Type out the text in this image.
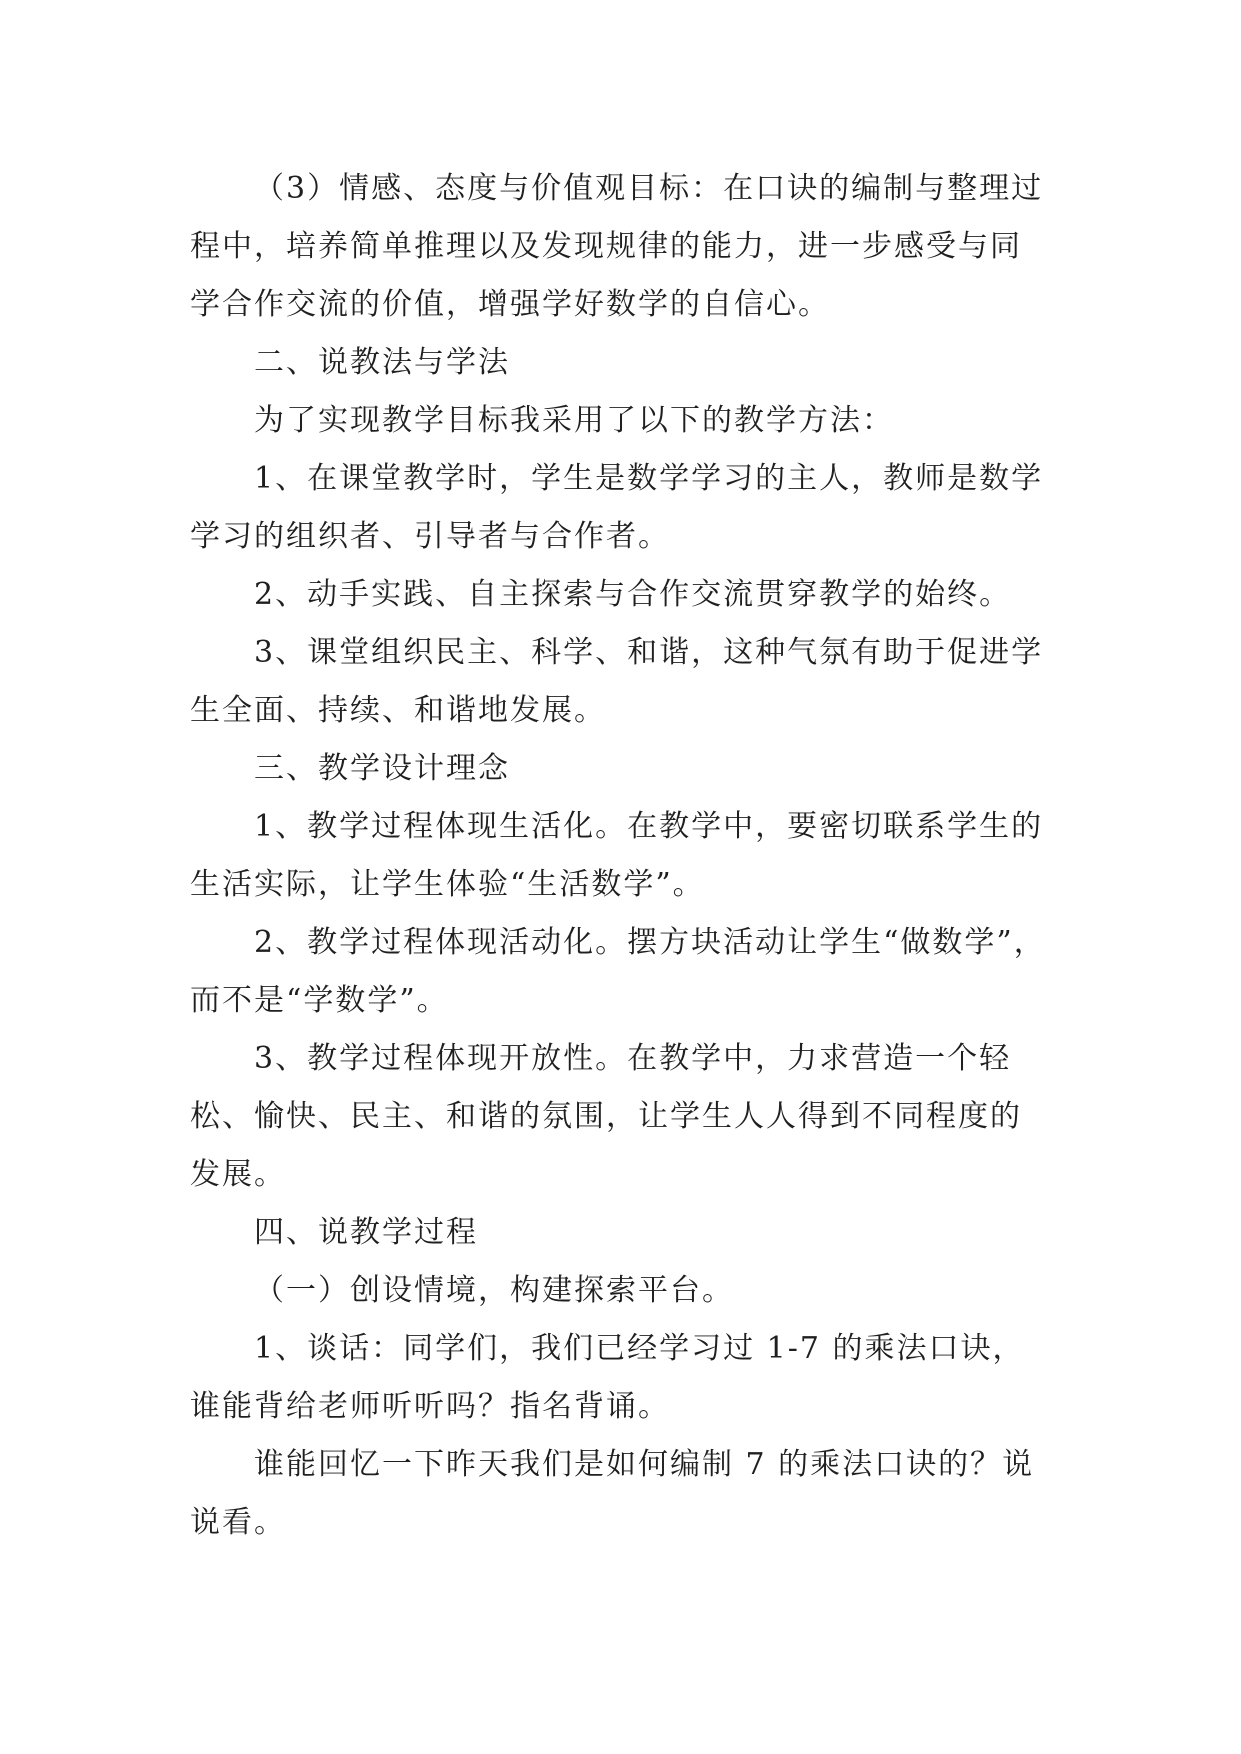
（3）情感、态度与价值观目标：在口诀的编制与整理过程中，培养简单推理以及发现规律的能力，进一步感受与同学合作交流的价值，增强学好数学的自信心。

二、说教法与学法

为了实现教学目标我采用了以下的教学方法：

1、在课堂教学时，学生是数学学习的主人，教师是数学学习的组织者、引导者与合作者。

2、动手实践、自主探索与合作交流贯穿教学的始终。

3、课堂组织民主、科学、和谐，这种气氛有助于促进学生全面、持续、和谐地发展。

三、教学设计理念

1、教学过程体现生活化。在教学中，要密切联系学生的生活实际，让学生体验“生活数学”。

2、教学过程体现活动化。摆方块活动让学生“做数学”，而不是“学数学”。

3、教学过程体现开放性。在教学中，力求营造一个轻松、愉快、民主、和谐的氛围，让学生人人得到不同程度的发展。

四、说教学过程

（一）创设情境，构建探索平台。

1、谈话：同学们，我们已经学习过 1-7 的乘法口诀，谁能背给老师听听吗？指名背诵。

谁能回忆一下昨天我们是如何编制 7 的乘法口诀的？说说看。
